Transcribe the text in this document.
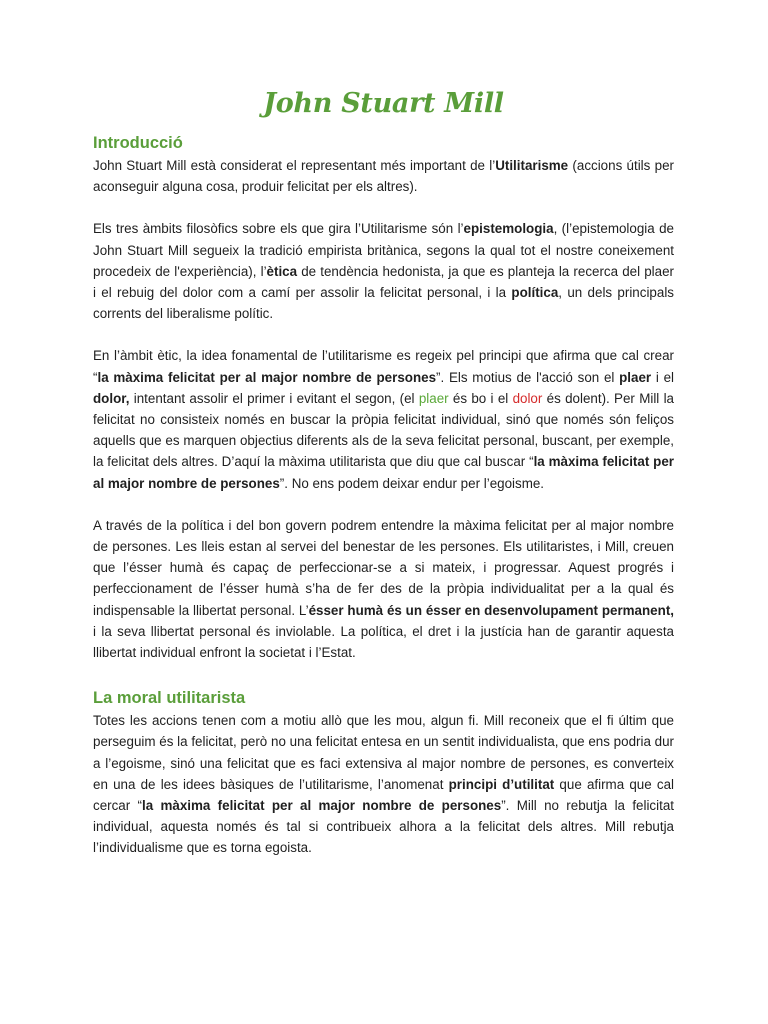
John Stuart Mill
Introducció

John Stuart Mill està considerat el representant més important de l’Utilitarisme (accions útils per aconseguir alguna cosa, produir felicitat per els altres).

Els tres àmbits filosòfics sobre els que gira l’Utilitarisme són l’epistemologia, (l’epistemologia de John Stuart Mill segueix la tradició empirista britànica, segons la qual tot el nostre coneixement procedeix de l'experiència), l’ètica de tendència hedonista, ja que es planteja la recerca del plaer i el rebuig del dolor com a camí per assolir la felicitat personal, i la política, un dels principals corrents del liberalisme polític.

En l’àmbit ètic, la idea fonamental de l’utilitarisme es regeix pel principi que afirma que cal crear “la màxima felicitat per al major nombre de persones”. Els motius de l'acció son el plaer i el dolor, intentant assolir el primer i evitant el segon, (el plaer és bo i el dolor és dolent). Per Mill la felicitat no consisteix només en buscar la pròpia felicitat individual, sinó que només són feliços aquells que es marquen objectius diferents als de la seva felicitat personal, buscant, per exemple, la felicitat dels altres. D’aquí la màxima utilitarista que diu que cal buscar “la màxima felicitat per al major nombre de persones”. No ens podem deixar endur per l’egoisme.

A través de la política i del bon govern podrem entendre la màxima felicitat per al major nombre de persones. Les lleis estan al servei del benestar de les persones. Els utilitaristes, i Mill, creuen que l’ésser humà és capaç de perfeccionar-se a si mateix, i progressar. Aquest progrés i perfeccionament de l’ésser humà s’ha de fer des de la pròpia individualitat per a la qual és indispensable la llibertat personal. L’ésser humà és un ésser en desenvolupament permanent, i la seva llibertat personal és inviolable. La política, el dret i la justícia han de garantir aquesta llibertat individual enfront la societat i l’Estat.

La moral utilitarista

Totes les accions tenen com a motiu allò que les mou, algun fi. Mill reconeix que el fi últim que perseguim és la felicitat, però no una felicitat entesa en un sentit individualista, que ens podria dur a l’egoisme, sinó una felicitat que es faci extensiva al major nombre de persones, es converteix en una de les idees bàsiques de l’utilitarisme, l’anomenat principi d’utilitat que afirma que cal cercar “la màxima felicitat per al major nombre de persones”. Mill no rebutja la felicitat individual, aquesta només és tal si contribueix alhora a la felicitat dels altres. Mill rebutja l’individualisme que es torna egoista.
